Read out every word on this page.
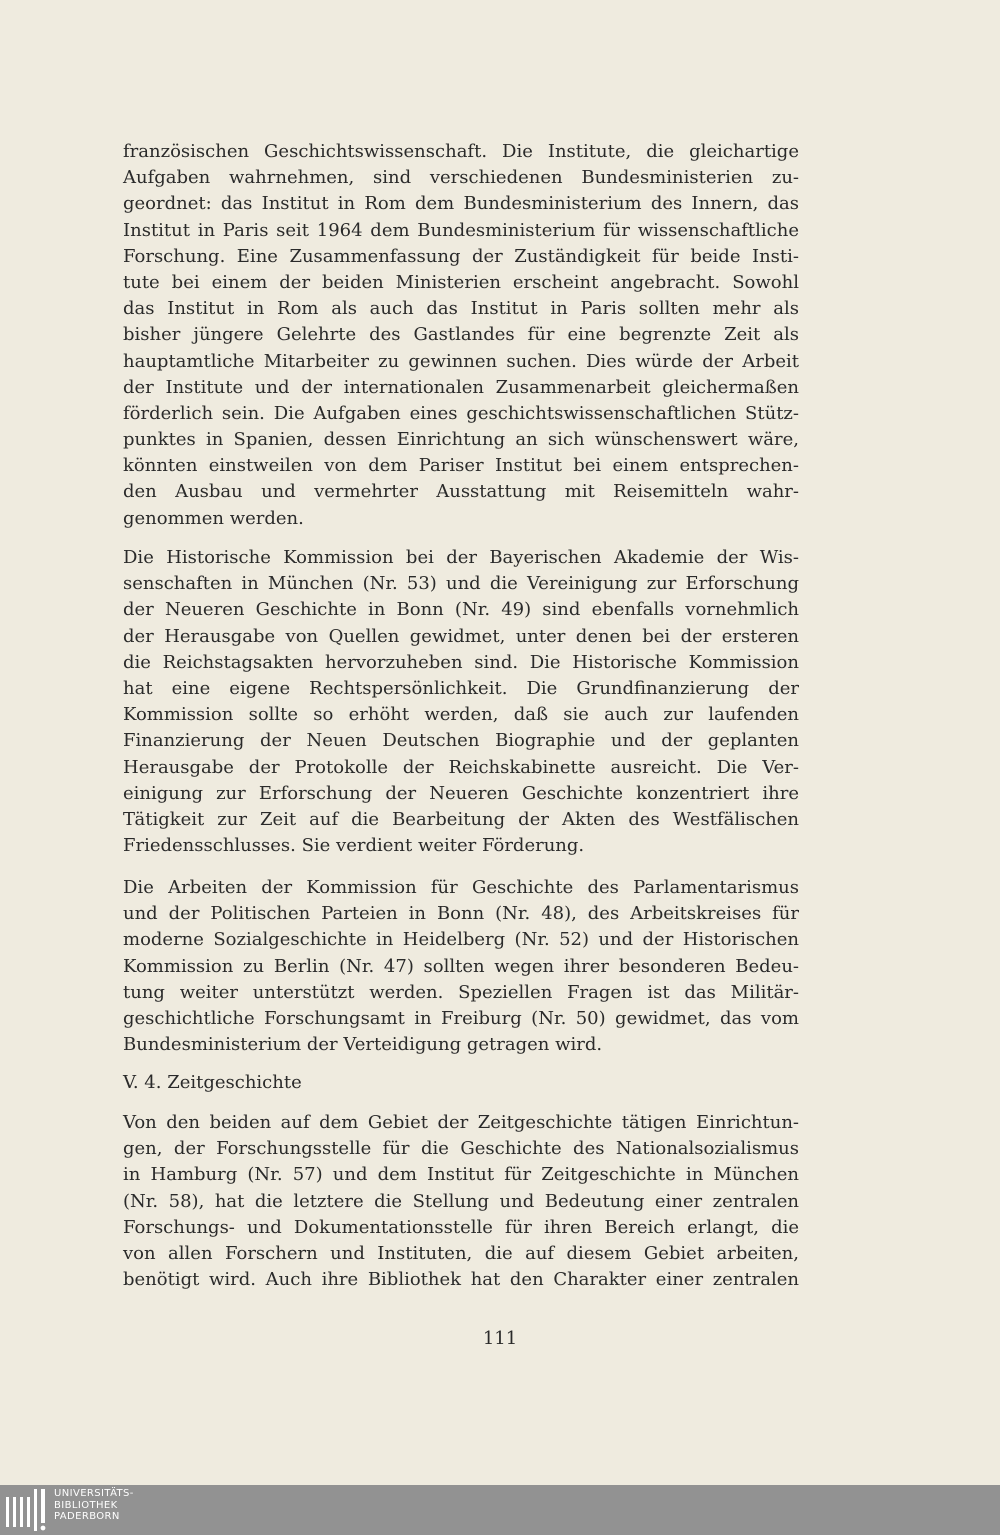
französischen Geschichtswissenschaft. Die Institute, die gleichartige
Aufgaben wahrnehmen, sind verschiedenen Bundesministerien zu-
geordnet: das Institut in Rom dem Bundesministerium des Innern, das
Institut in Paris seit 1964 dem Bundesministerium für wissenschaftliche
Forschung. Eine Zusammenfassung der Zuständigkeit für beide Insti-
tute bei einem der beiden Ministerien erscheint angebracht. Sowohl
das Institut in Rom als auch das Institut in Paris sollten mehr als
bisher jüngere Gelehrte des Gastlandes für eine begrenzte Zeit als
hauptamtliche Mitarbeiter zu gewinnen suchen. Dies würde der Arbeit
der Institute und der internationalen Zusammenarbeit gleichermaßen
förderlich sein. Die Aufgaben eines geschichtswissenschaftlichen Stütz-
punktes in Spanien, dessen Einrichtung an sich wünschenswert wäre,
könnten einstweilen von dem Pariser Institut bei einem entsprechen-
den Ausbau und vermehrter Ausstattung mit Reisemitteln wahr-
genommen werden.
Die Historische Kommission bei der Bayerischen Akademie der Wis-
senschaften in München (Nr. 53) und die Vereinigung zur Erforschung
der Neueren Geschichte in Bonn (Nr. 49) sind ebenfalls vornehmlich
der Herausgabe von Quellen gewidmet, unter denen bei der ersteren
die Reichstagsakten hervorzuheben sind. Die Historische Kommission
hat eine eigene Rechtspersönlichkeit. Die Grundfinanzierung der
Kommission sollte so erhöht werden, daß sie auch zur laufenden
Finanzierung der Neuen Deutschen Biographie und der geplanten
Herausgabe der Protokolle der Reichskabinette ausreicht. Die Ver-
einigung zur Erforschung der Neueren Geschichte konzentriert ihre
Tätigkeit zur Zeit auf die Bearbeitung der Akten des Westfälischen
Friedensschlusses. Sie verdient weiter Förderung.
Die Arbeiten der Kommission für Geschichte des Parlamentarismus
und der Politischen Parteien in Bonn (Nr. 48), des Arbeitskreises für
moderne Sozialgeschichte in Heidelberg (Nr. 52) und der Historischen
Kommission zu Berlin (Nr. 47) sollten wegen ihrer besonderen Bedeu-
tung weiter unterstützt werden. Speziellen Fragen ist das Militär-
geschichtliche Forschungsamt in Freiburg (Nr. 50) gewidmet, das vom
Bundesministerium der Verteidigung getragen wird.
V. 4. Zeitgeschichte
Von den beiden auf dem Gebiet der Zeitgeschichte tätigen Einrichtun-
gen, der Forschungsstelle für die Geschichte des Nationalsozialismus
in Hamburg (Nr. 57) und dem Institut für Zeitgeschichte in München
(Nr. 58), hat die letztere die Stellung und Bedeutung einer zentralen
Forschungs- und Dokumentationsstelle für ihren Bereich erlangt, die
von allen Forschern und Instituten, die auf diesem Gebiet arbeiten,
benötigt wird. Auch ihre Bibliothek hat den Charakter einer zentralen
111
UNIVERSITÄTS-
BIBLIOTHEK
PADERBORN
